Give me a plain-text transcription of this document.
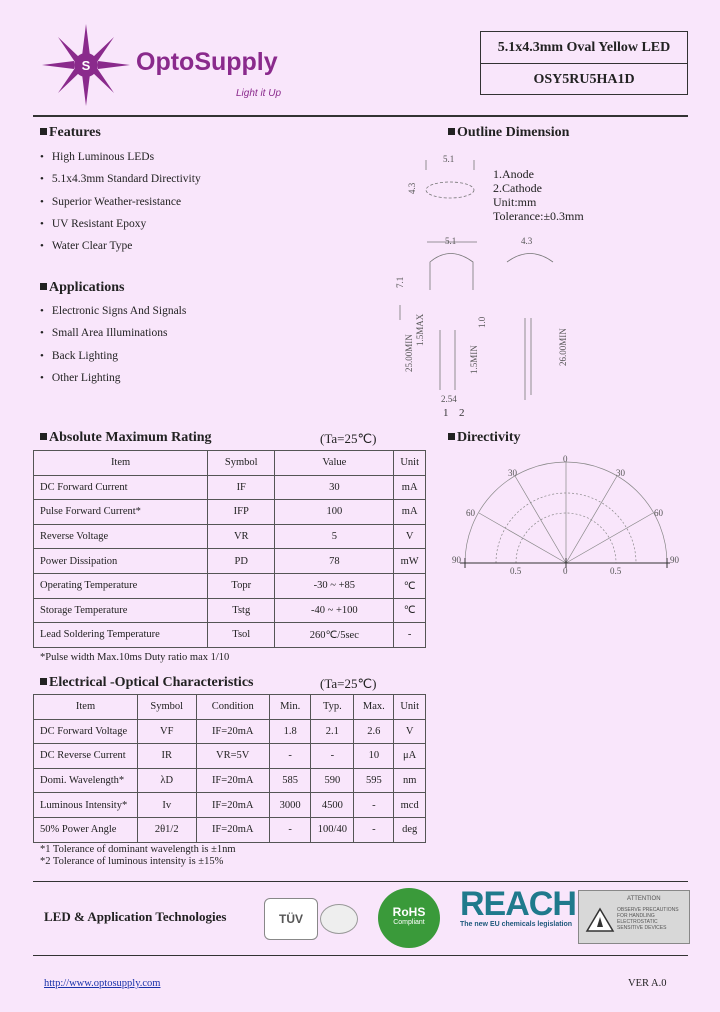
S OptoSupply
Light it Up
5.1x4.3mm Oval Yellow LED
OSY5RU5HA1D
Features
• High Luminous LEDs
• 5.1x4.3mm Standard Directivity
• Superior Weather-resistance
• UV Resistant Epoxy
• Water Clear Type
Applications
• Electronic Signs And Signals
• Small Area Illuminations
• Back Lighting
• Other Lighting
Outline Dimension
1.Anode
2.Cathode
Unit:mm
Tolerance:±0.3mm
5.1
4.3
5.1	4.3
7.1
1.5MAX
25.00MIN
1.0
1.5MIN	26.00MIN
2.54
1 2
Absolute Maximum Rating	(Ta=25℃)
Item	Symbol	Value	Unit
DC Forward Current	IF	30	mA
Pulse Forward Current*	IFP	100	mA
Reverse Voltage	VR	5	V
Power Dissipation	PD	78	mW
Operating Temperature	Topr	-30 ~ +85	℃
Storage Temperature	Tstg	-40 ~ +100	℃
Lead Soldering Temperature	Tsol	260℃/5sec	-
*Pulse width Max.10ms Duty ratio max 1/10
Directivity
0
30	30
60	60
90	90
0.5	0	0.5
Electrical -Optical Characteristics	(Ta=25℃)
Item	Symbol	Condition	Min.	Typ.	Max.	Unit
DC Forward Voltage	VF	IF=20mA	1.8	2.1	2.6	V
DC Reverse Current	IR	VR=5V	-	-	10	μA
Domi. Wavelength*	λD	IF=20mA	585	590	595	nm
Luminous Intensity*	Iv	IF=20mA	3000	4500	-	mcd
50% Power Angle	2θ1/2	IF=20mA	-	100/40	-	deg
*1 Tolerance of dominant wavelength is ±1nm
*2 Tolerance of luminous intensity is ±15%
LED & Application Technologies	TÜV	RoHS
Compliant	REACH
The new EU chemicals legislation
ATTENTION
OBSERVE PRECAUTIONS FOR HANDLING ELECTROSTATIC SENSITIVE DEVICES
http://www.optosupply.com	VER A.0
